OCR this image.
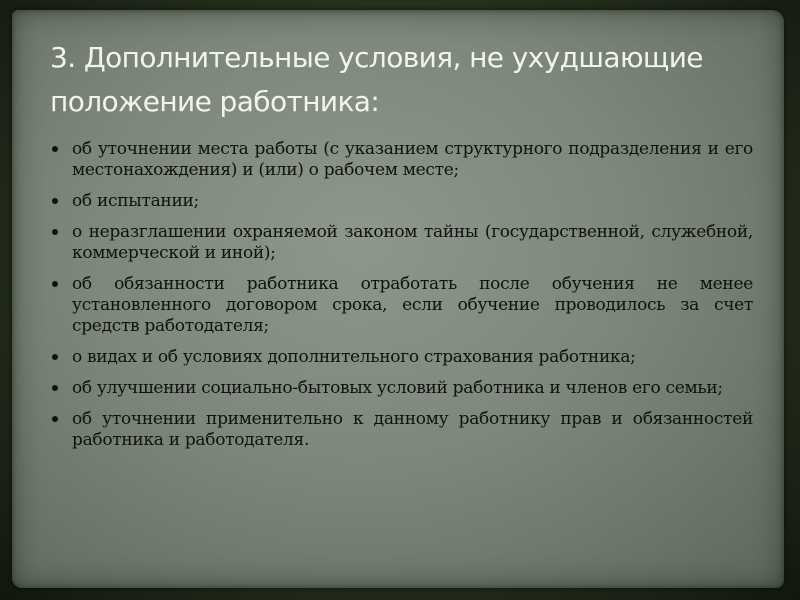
3. Дополнительные условия, не ухудшающие положение работника:
об уточнении места работы (с указанием структурного подразделения и его местонахождения) и (или) о рабочем месте;
об испытании;
о неразглашении охраняемой законом тайны (государственной, служебной, коммерческой и иной);
об обязанности работника отработать после обучения не менее установленного договором срока, если обучение проводилось за счет средств работодателя;
о видах и об условиях дополнительного страхования работника;
об улучшении социально-бытовых условий работника и членов его семьи;
об уточнении применительно к данному работнику прав и обязанностей работника и работодателя.
